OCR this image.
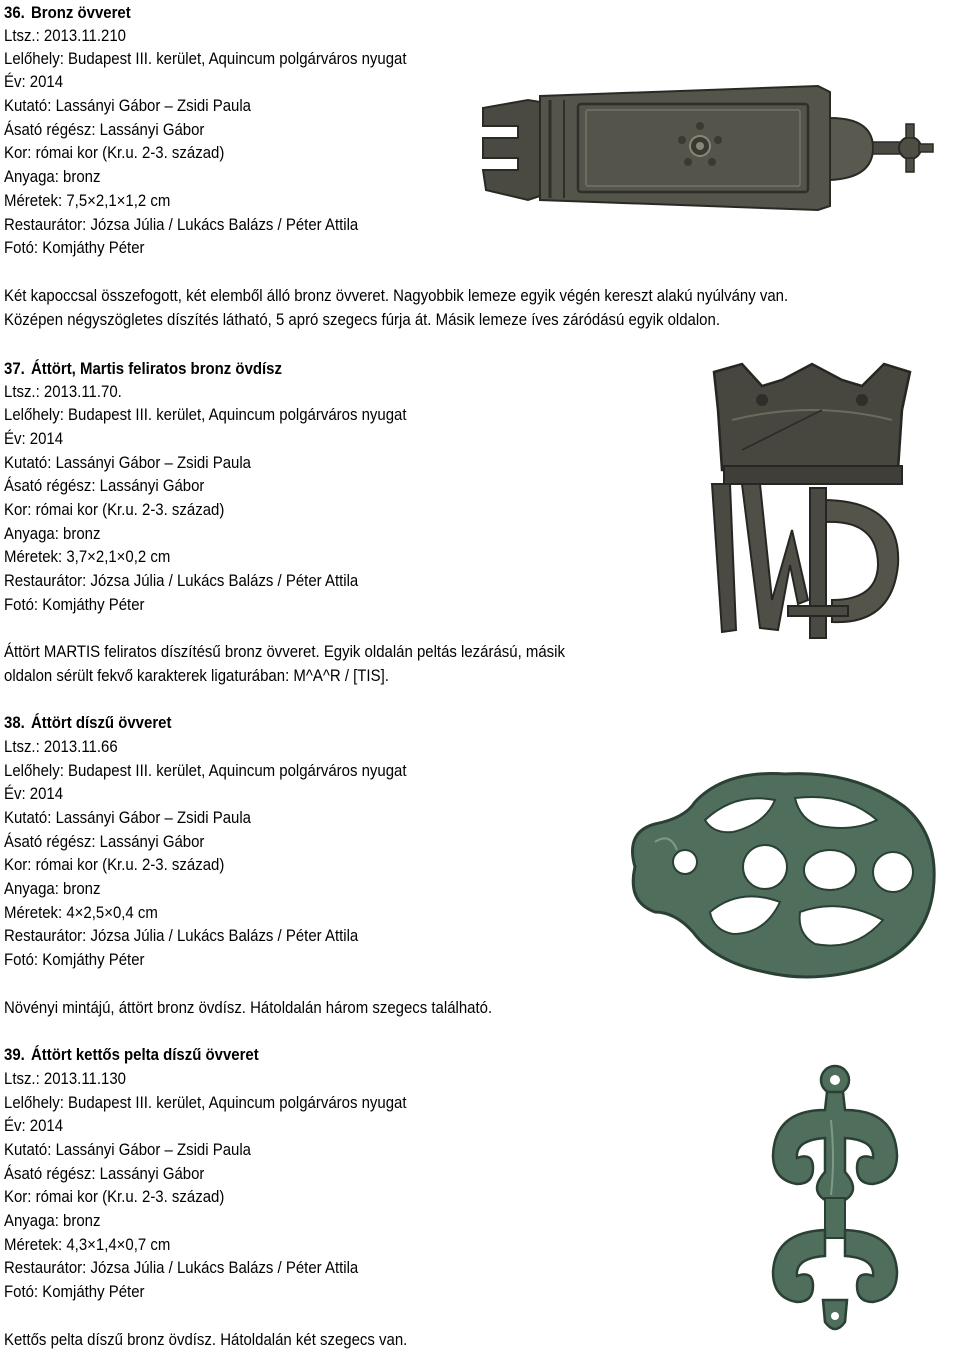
36. Bronz övveret
Ltsz.: 2013.11.210
Lelőhely: Budapest III. kerület, Aquincum polgárváros nyugat
Év: 2014
Kutató: Lassányi Gábor – Zsidi Paula
Ásató régész: Lassányi Gábor
Kor: római kor (Kr.u. 2-3. század)
Anyaga: bronz
Méretek: 7,5×2,1×1,2 cm
Restaurátor: Józsa Júlia / Lukács Balázs / Péter Attila
Fotó: Komjáthy Péter
Két kapoccsal összefogott, két elemből álló bronz övveret. Nagyobbik lemeze egyik végén kereszt alakú nyúlvány van.
Középen négyszögletes díszítés látható, 5 apró szegecs fúrja át. Másik lemeze íves záródású egyik oldalon.
37. Áttört, Martis feliratos bronz övdísz
Ltsz.: 2013.11.70.
Lelőhely: Budapest III. kerület, Aquincum polgárváros nyugat
Év: 2014
Kutató: Lassányi Gábor – Zsidi Paula
Ásató régész: Lassányi Gábor
Kor: római kor (Kr.u. 2-3. század)
Anyaga: bronz
Méretek: 3,7×2,1×0,2 cm
Restaurátor: Józsa Júlia / Lukács Balázs / Péter Attila
Fotó: Komjáthy Péter
Áttört MARTIS feliratos díszítésű bronz övveret. Egyik oldalán peltás lezárású, másik
oldalon sérült fekvő karakterek ligaturában: M^A^R / [TIS].
38. Áttört díszű övveret
Ltsz.: 2013.11.66
Lelőhely: Budapest III. kerület, Aquincum polgárváros nyugat
Év: 2014
Kutató: Lassányi Gábor – Zsidi Paula
Ásató régész: Lassányi Gábor
Kor: római kor (Kr.u. 2-3. század)
Anyaga: bronz
Méretek: 4×2,5×0,4 cm
Restaurátor: Józsa Júlia / Lukács Balázs / Péter Attila
Fotó: Komjáthy Péter
Növényi mintájú, áttört bronz övdísz. Hátoldalán három szegecs található.
39. Áttört kettős pelta díszű övveret
Ltsz.: 2013.11.130
Lelőhely: Budapest III. kerület, Aquincum polgárváros nyugat
Év: 2014
Kutató: Lassányi Gábor – Zsidi Paula
Ásató régész: Lassányi Gábor
Kor: római kor (Kr.u. 2-3. század)
Anyaga: bronz
Méretek: 4,3×1,4×0,7 cm
Restaurátor: Józsa Júlia / Lukács Balázs / Péter Attila
Fotó: Komjáthy Péter
Kettős pelta díszű bronz övdísz. Hátoldalán két szegecs van.
